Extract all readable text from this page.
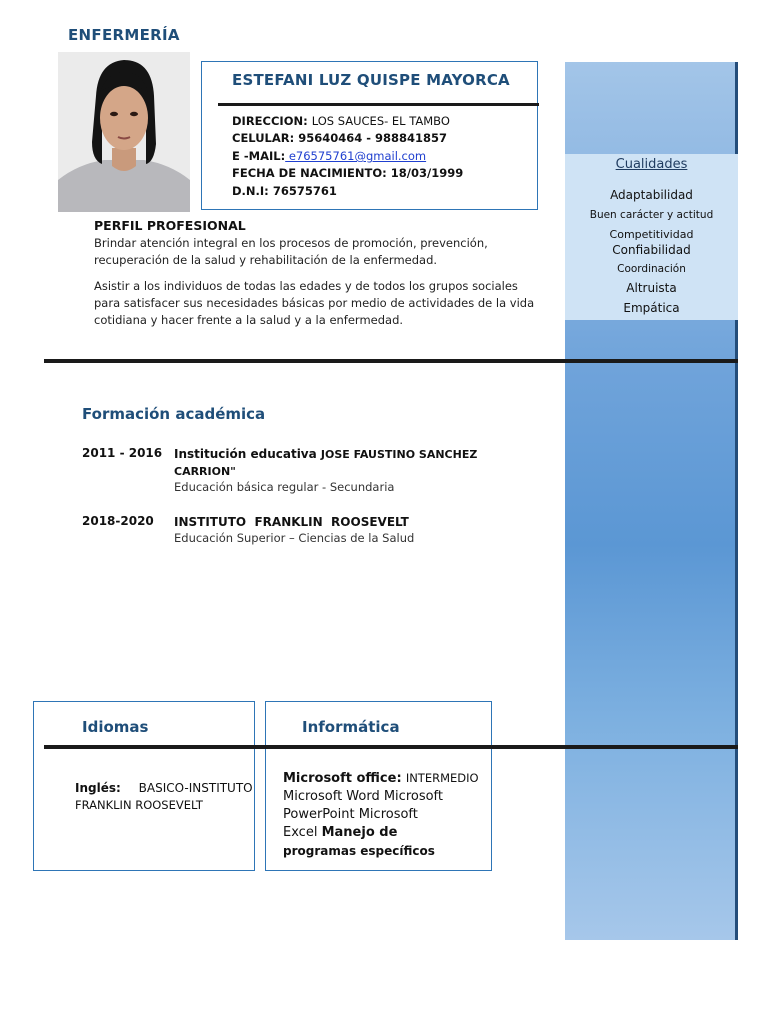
ENFERMERÍA
ESTEFANI LUZ QUISPE MAYORCA
DIRECCION: LOS SAUCES- EL TAMBO
CELULAR: 95640464 - 988841857
E -MAIL: e76575761@gmail.com
FECHA DE NACIMIENTO: 18/03/1999
D.N.I: 76575761
Cualidades
Adaptabilidad
Buen carácter y actitud
Competitividad
Confiabilidad
Coordinación
Altruista
Empática
PERFIL PROFESIONAL
Brindar atención integral en los procesos de promoción, prevención,
recuperación de la salud y rehabilitación de la enfermedad.
Asistir a los individuos de todas las edades y de todos los grupos sociales
para satisfacer sus necesidades básicas por medio de actividades de la vida
cotidiana y hacer frente a la salud y a la enfermedad.
Formación académica
2011 - 2016 Institución educativa JOSE FAUSTINO SANCHEZ
CARRION"
Educación básica regular - Secundaria
2018-2020 INSTITUTO  FRANKLIN  ROOSEVELT
Educación Superior – Ciencias de la Salud
Idiomas	Informática
Inglés: BASICO-INSTITUTO
FRANKLIN ROOSEVELT
Microsoft office: INTERMEDIO
Microsoft Word Microsoft
PowerPoint Microsoft
Excel Manejo de
programas específicos
